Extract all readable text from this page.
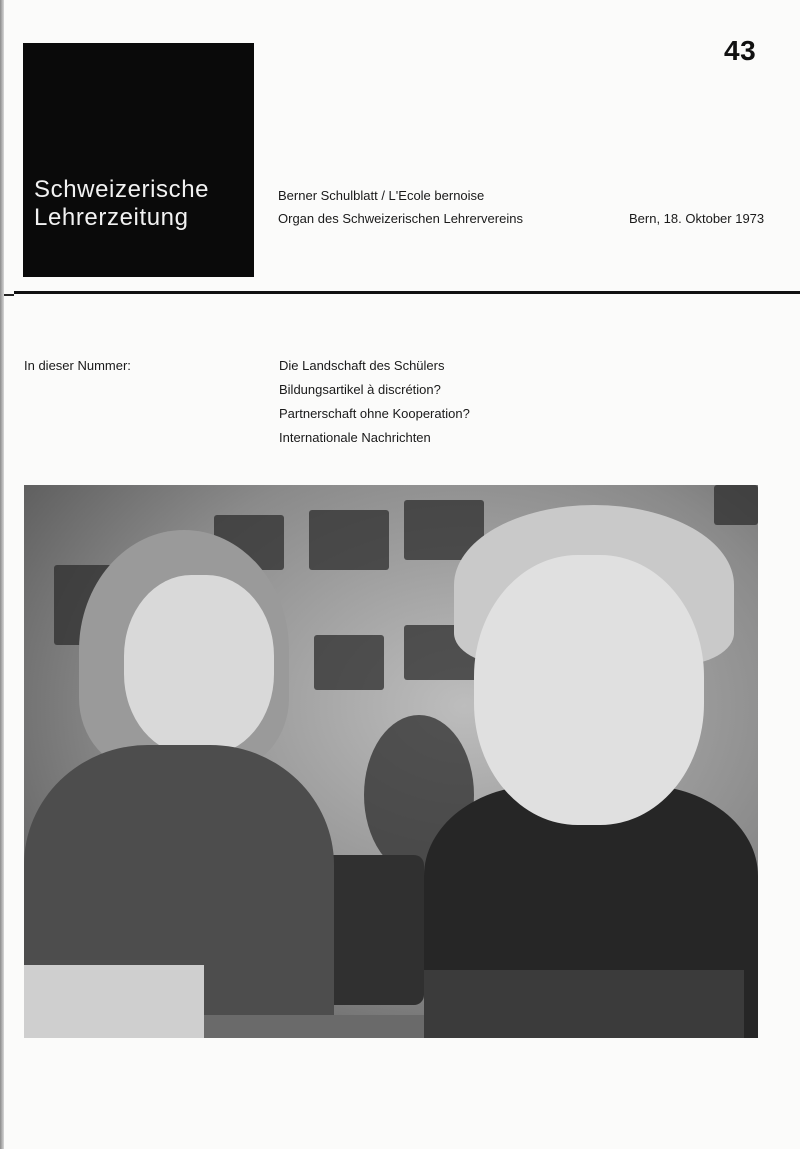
43
Schweizerische
Lehrerzeitung
Berner Schulblatt / L'Ecole bernoise
Organ des Schweizerischen Lehrervereins	Bern, 18. Oktober 1973
In dieser Nummer:	Die Landschaft des Schülers
Bildungsartikel à discrétion?
Partnerschaft ohne Kooperation?
Internationale Nachrichten
